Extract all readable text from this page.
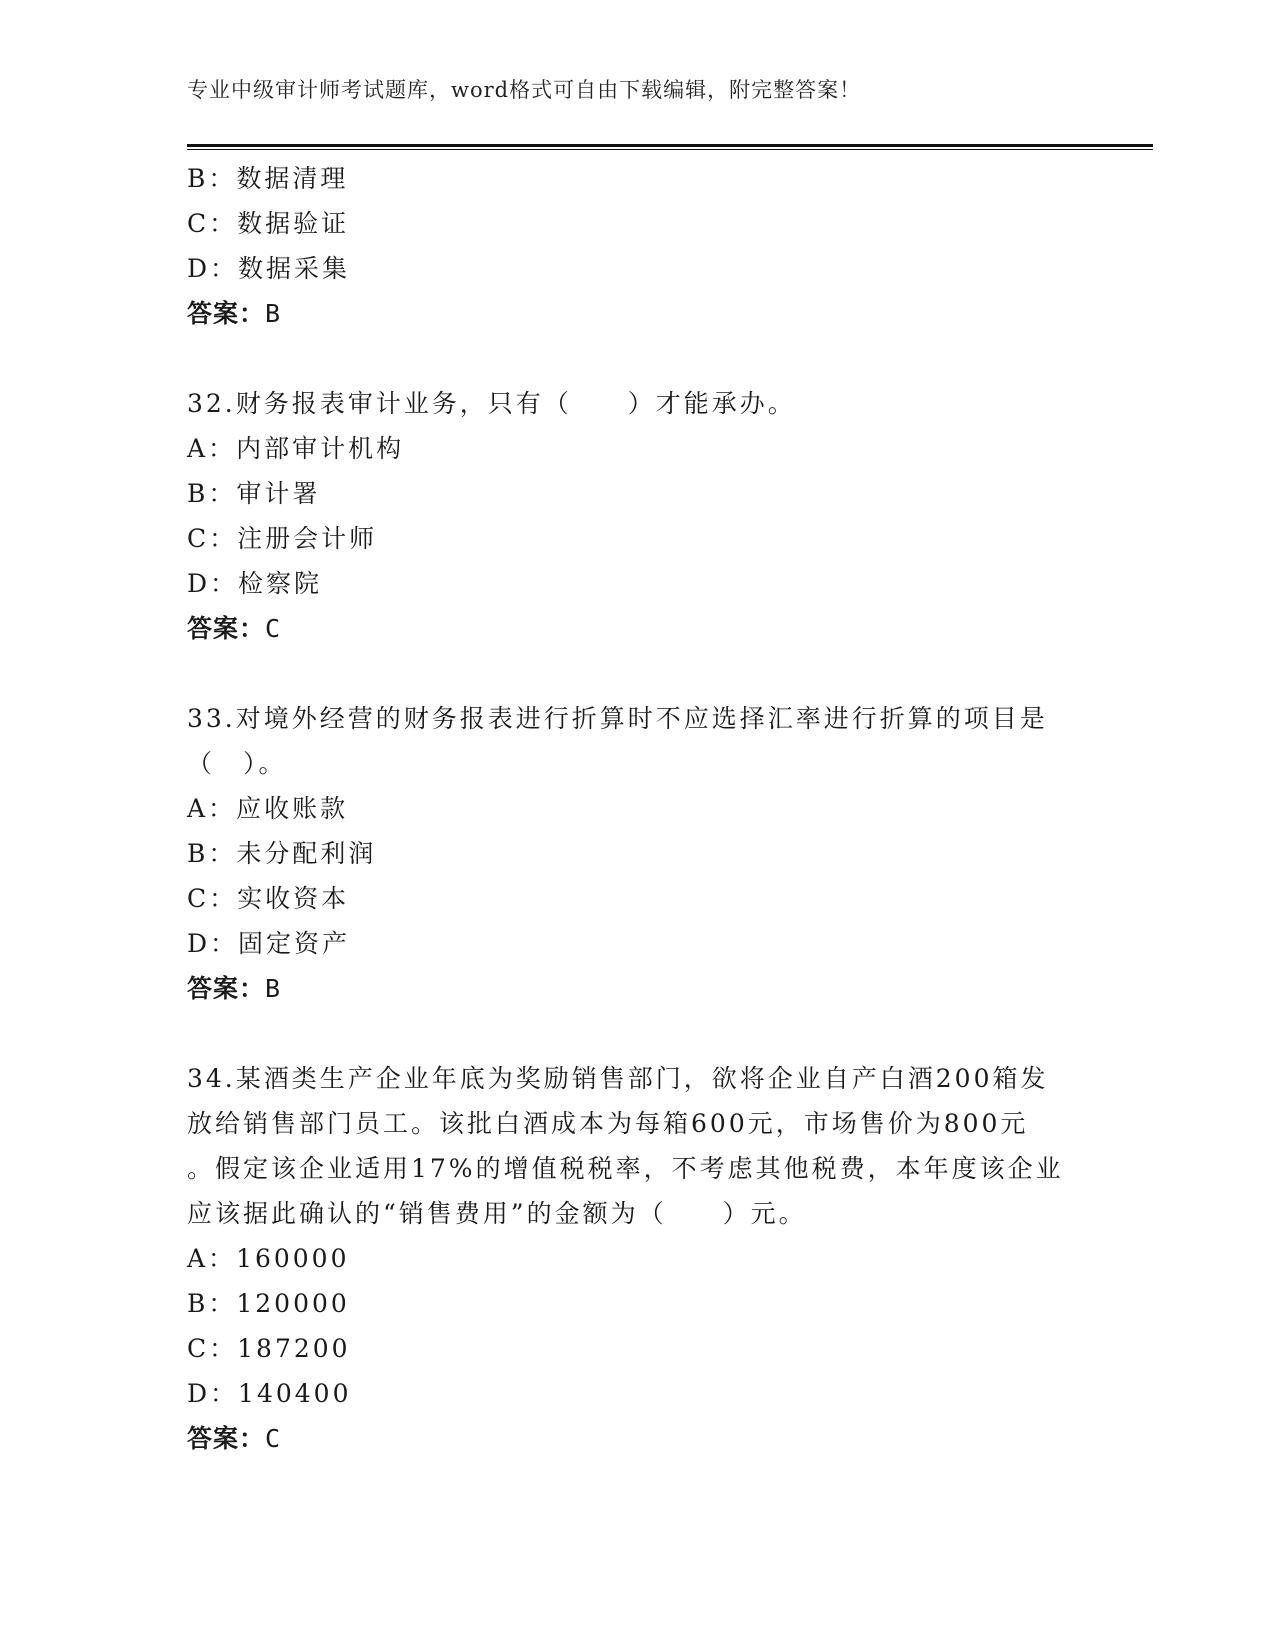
专业中级审计师考试题库，word格式可自由下载编辑，附完整答案！
B：数据清理
C：数据验证
D：数据采集
答案：B
32.财务报表审计业务，只有（　　）才能承办。
A：内部审计机构
B：审计署
C：注册会计师
D：检察院
答案：C
33.对境外经营的财务报表进行折算时不应选择汇率进行折算的项目是
（　）。
A：应收账款
B：未分配利润
C：实收资本
D：固定资产
答案：B
34.某酒类生产企业年底为奖励销售部门，欲将企业自产白酒200箱发
放给销售部门员工。该批白酒成本为每箱600元，市场售价为800元
。假定该企业适用17%的增值税税率，不考虑其他税费，本年度该企业
应该据此确认的“销售费用”的金额为（　　）元。
A：160000
B：120000
C：187200
D：140400
答案：C
